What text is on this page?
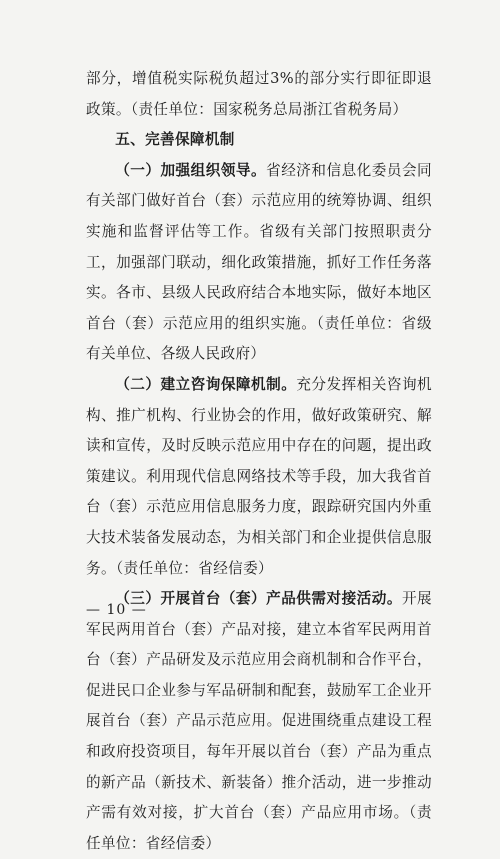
部分，增值税实际税负超过3%的部分实行即征即退政策。（责任单位：国家税务总局浙江省税务局）

五、完善保障机制

（一）加强组织领导。省经济和信息化委员会同有关部门做好首台（套）示范应用的统筹协调、组织实施和监督评估等工作。省级有关部门按照职责分工，加强部门联动，细化政策措施，抓好工作任务落实。各市、县级人民政府结合本地实际，做好本地区首台（套）示范应用的组织实施。（责任单位：省级有关单位、各级人民政府）

（二）建立咨询保障机制。充分发挥相关咨询机构、推广机构、行业协会的作用，做好政策研究、解读和宣传，及时反映示范应用中存在的问题，提出政策建议。利用现代信息网络技术等手段，加大我省首台（套）示范应用信息服务力度，跟踪研究国内外重大技术装备发展动态，为相关部门和企业提供信息服务。（责任单位：省经信委）

（三）开展首台（套）产品供需对接活动。开展军民两用首台（套）产品对接，建立本省军民两用首台（套）产品研发及示范应用会商机制和合作平台，促进民口企业参与军品研制和配套，鼓励军工企业开展首台（套）产品示范应用。促进围绕重点建设工程和政府投资项目，每年开展以首台（套）产品为重点的新产品（新技术、新装备）推介活动，进一步推动产需有效对接，扩大首台（套）产品应用市场。（责任单位：省经信委）

— 10 —
